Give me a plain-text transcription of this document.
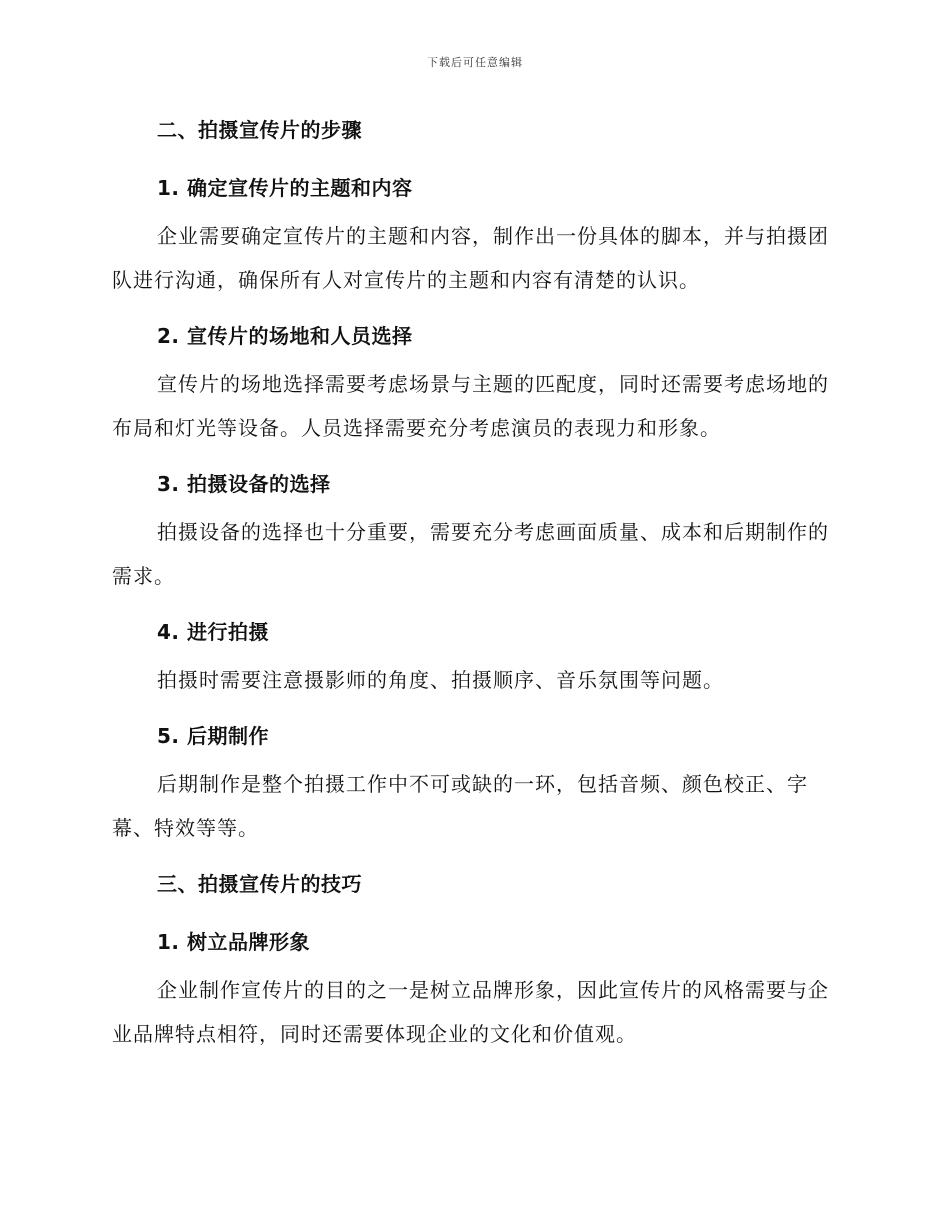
下载后可任意编辑

二、拍摄宣传片的步骤

1. 确定宣传片的主题和内容

企业需要确定宣传片的主题和内容，制作出一份具体的脚本，并与拍摄团队进行沟通，确保所有人对宣传片的主题和内容有清楚的认识。

2. 宣传片的场地和人员选择

宣传片的场地选择需要考虑场景与主题的匹配度，同时还需要考虑场地的布局和灯光等设备。人员选择需要充分考虑演员的表现力和形象。

3. 拍摄设备的选择

拍摄设备的选择也十分重要，需要充分考虑画面质量、成本和后期制作的需求。

4. 进行拍摄

拍摄时需要注意摄影师的角度、拍摄顺序、音乐氛围等问题。

5. 后期制作

后期制作是整个拍摄工作中不可或缺的一环，包括音频、颜色校正、字幕、特效等等。

三、拍摄宣传片的技巧

1. 树立品牌形象

企业制作宣传片的目的之一是树立品牌形象，因此宣传片的风格需要与企业品牌特点相符，同时还需要体现企业的文化和价值观。
